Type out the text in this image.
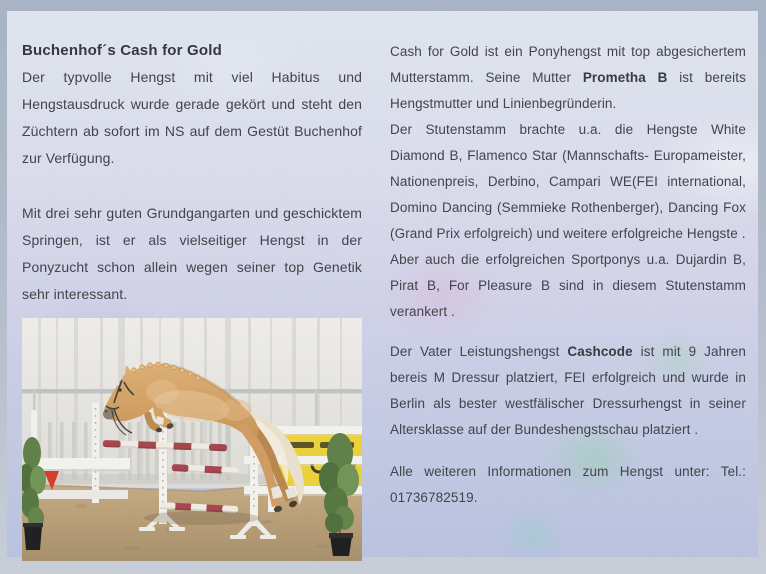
Buchenhof´s Cash for Gold

Der typvolle Hengst mit viel Habitus und Hengstausdruck wurde gerade gekört und steht den Züchtern ab sofort im NS auf dem Gestüt Buchenhof zur Verfügung.

Mit drei sehr guten Grundgangarten und geschicktem Springen, ist er als vielseitiger Hengst in der Ponyzucht schon allein wegen seiner top Genetik sehr interessant.

Cash for Gold ist ein Ponyhengst mit top abgesichertem Mutterstamm. Seine Mutter Prometha B ist bereits Hengstmutter und Linienbegründerin.

Der Stutenstamm brachte u.a. die Hengste White Diamond B, Flamenco Star (Mannschafts- Europameister, Nationenpreis, Derbino, Campari WE(FEI international, Domino Dancing (Semmieke Rothenberger), Dancing Fox (Grand Prix erfolgreich) und weitere erfolgreiche Hengste .

Aber auch die erfolgreichen Sportponys u.a. Dujardin B, Pirat B, For Pleasure B sind in diesem Stutenstamm verankert .

Der Vater Leistungshengst Cashcode ist mit 9 Jahren bereis M Dressur platziert, FEI erfolgreich und wurde in Berlin als bester westfälischer Dressurhengst in seiner Altersklasse auf der Bundeshengstschau platziert .

Alle weiteren Informationen zum Hengst unter: Tel.: 01736782519.
